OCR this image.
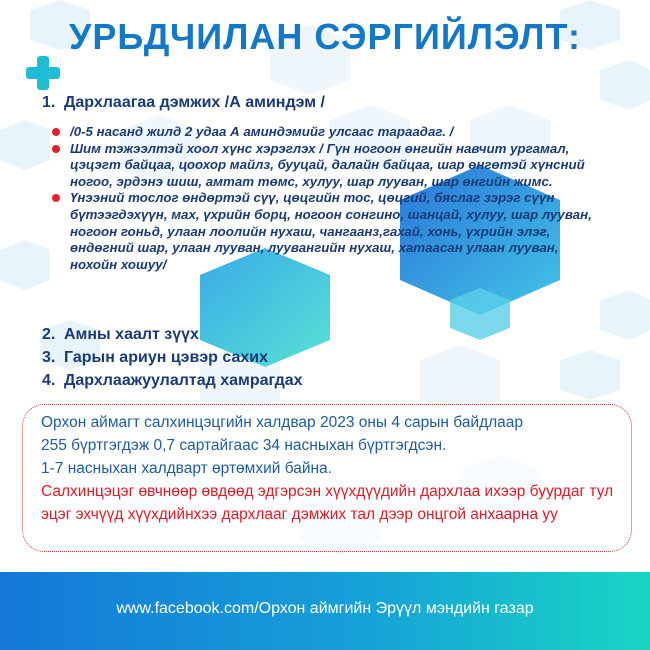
УРЬДЧИЛАН СЭРГИЙЛЭЛТ:
1. Дархлаагаа дэмжих /А аминдэм /
/0-5 насанд жилд 2 удаа А аминдэмийг улсаас тараадаг. /
Шим тэжээлтэй хоол хүнс хэрэглэх / Гүн ногоон өнгийн навчит ургамал, цэцэгт байцаа, цоохор майлз, бууцай, далайн байцаа, шар өнгөтэй хүнсний ногоо, эрдэнэ шиш, амтат төмс, хулуу, шар лууван, шар өнгийн жимс.
Үнээний тослог өндөртэй сүү, цөцгийн тос, цөцгий, бяслаг зэрэг сүүн бүтээгдэхүүн, мах, үхрийн борц, ногоон сонгино, шанцай, хулуу, шар лууван, ногоон гоньд, улаан лоолийн нухаш, чангаанз,гахай, хонь, үхрийн элэг, өндөгний шар, улаан лууван, луувангийн нухаш, хатаасан улаан лууван, нохойн хошуу/
2. Амны хаалт зүүх
3. Гарын ариун цэвэр сахих
4. Дархлаажуулалтад хамрагдах
Орхон аймагт салхинцэцгийн халдвар 2023 оны 4 сарын байдлаар
255 бүртгэгдэж 0,7 сартайгаас 34 насныхан бүртгэгдсэн.
1-7 насныхан халдварт өртөмхий байна.
Салхинцэцэг өвчнөөр өвдөөд эдгэрсэн хүүхдүүдийн дархлаа ихээр буурдаг тул эцэг эхчүүд хүүхдийнхээ дархлааг дэмжих тал дээр онцгой анхаарна уу
www.facebook.com/Орхон аймгийн Эрүүл мэндийн газар
